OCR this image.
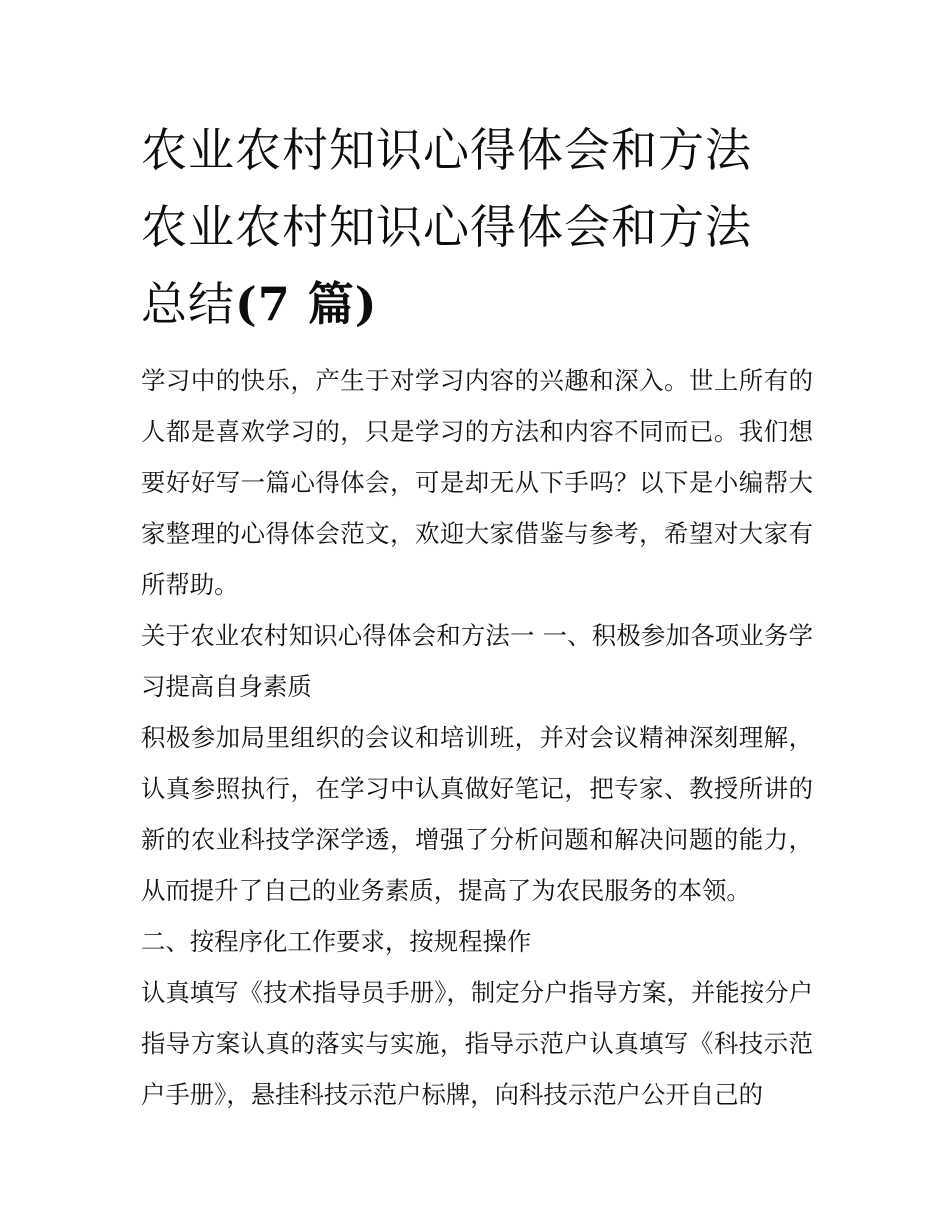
农业农村知识心得体会和方法
农业农村知识心得体会和方法
总结(7 篇)

学习中的快乐，产生于对学习内容的兴趣和深入。世上所有的人都是喜欢学习的，只是学习的方法和内容不同而已。我们想要好好写一篇心得体会，可是却无从下手吗？以下是小编帮大家整理的心得体会范文，欢迎大家借鉴与参考，希望对大家有所帮助。

关于农业农村知识心得体会和方法一 一、积极参加各项业务学习提高自身素质

积极参加局里组织的会议和培训班，并对会议精神深刻理解，认真参照执行，在学习中认真做好笔记，把专家、教授所讲的新的农业科技学深学透，增强了分析问题和解决问题的能力，从而提升了自己的业务素质，提高了为农民服务的本领。

二、按程序化工作要求，按规程操作

认真填写《技术指导员手册》，制定分户指导方案，并能按分户指导方案认真的落实与实施，指导示范户认真填写《科技示范户手册》，悬挂科技示范户标牌，向科技示范户公开自己的
